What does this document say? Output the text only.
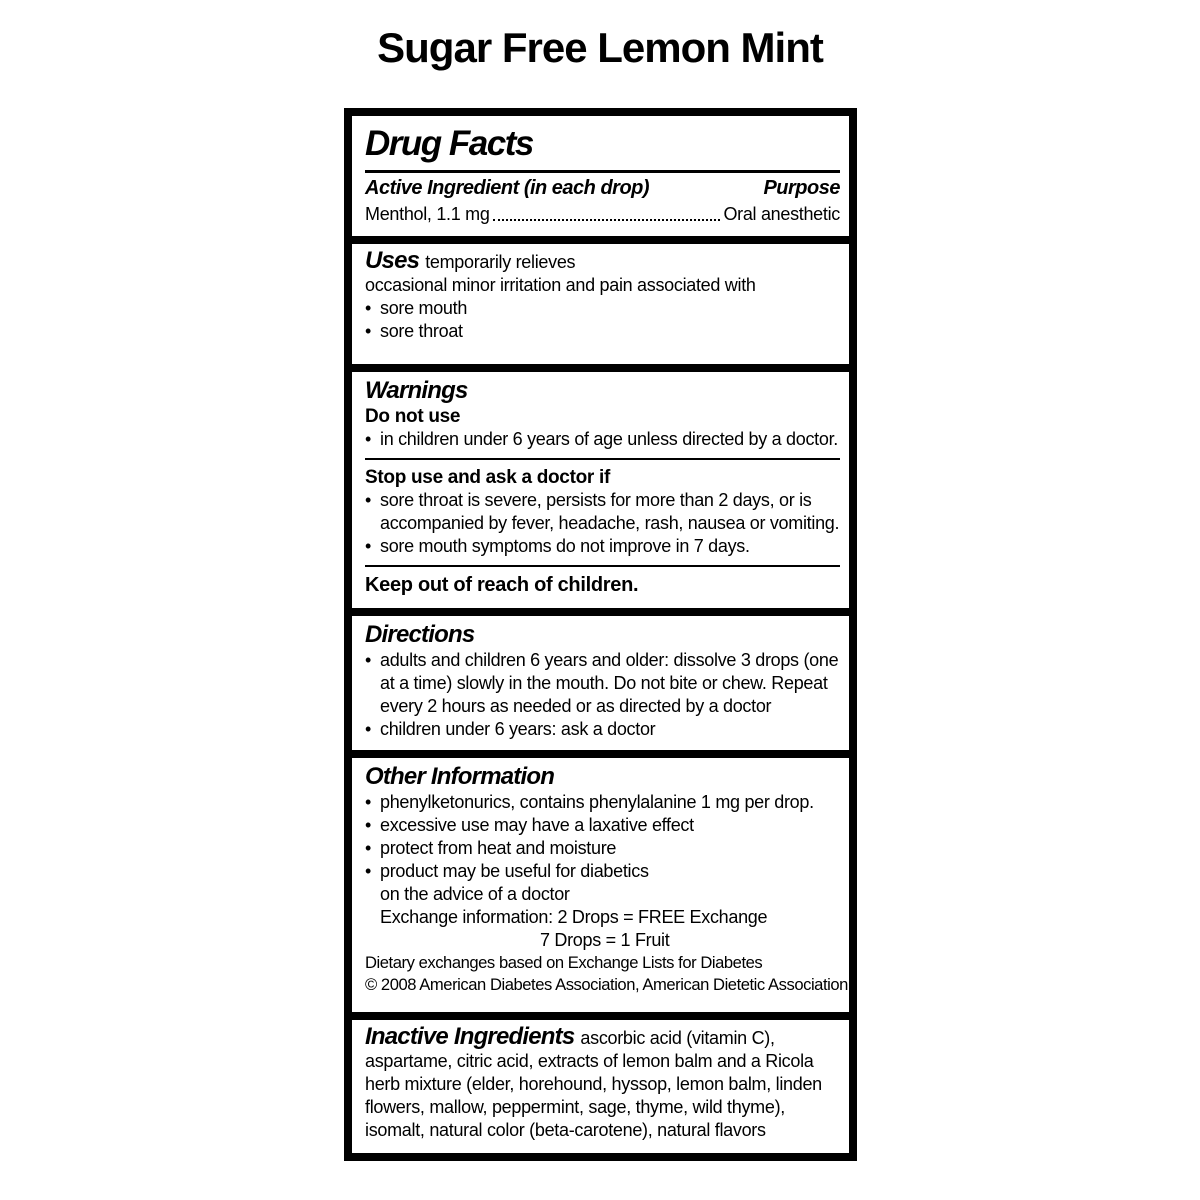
Sugar Free Lemon Mint
Drug Facts
Active Ingredient (in each drop)	Purpose
Menthol, 1.1 mg	Oral anesthetic
Uses temporarily relieves
occasional minor irritation and pain associated with
• sore mouth
• sore throat
Warnings
Do not use
• in children under 6 years of age unless directed by a doctor.
Stop use and ask a doctor if
• sore throat is severe, persists for more than 2 days, or is accompanied by fever, headache, rash, nausea or vomiting.
• sore mouth symptoms do not improve in 7 days.
Keep out of reach of children.
Directions
• adults and children 6 years and older: dissolve 3 drops (one at a time) slowly in the mouth. Do not bite or chew. Repeat every 2 hours as needed or as directed by a doctor
• children under 6 years: ask a doctor
Other Information
• phenylketonurics, contains phenylalanine 1 mg per drop.
• excessive use may have a laxative effect
• protect from heat and moisture
• product may be useful for diabetics
on the advice of a doctor
Exchange information: 2 Drops = FREE Exchange
7 Drops = 1 Fruit
Dietary exchanges based on Exchange Lists for Diabetes
© 2008 American Diabetes Association, American Dietetic Association.
Inactive Ingredients ascorbic acid (vitamin C), aspartame, citric acid, extracts of lemon balm and a Ricola herb mixture (elder, horehound, hyssop, lemon balm, linden flowers, mallow, peppermint, sage, thyme, wild thyme), isomalt, natural color (beta-carotene), natural flavors
